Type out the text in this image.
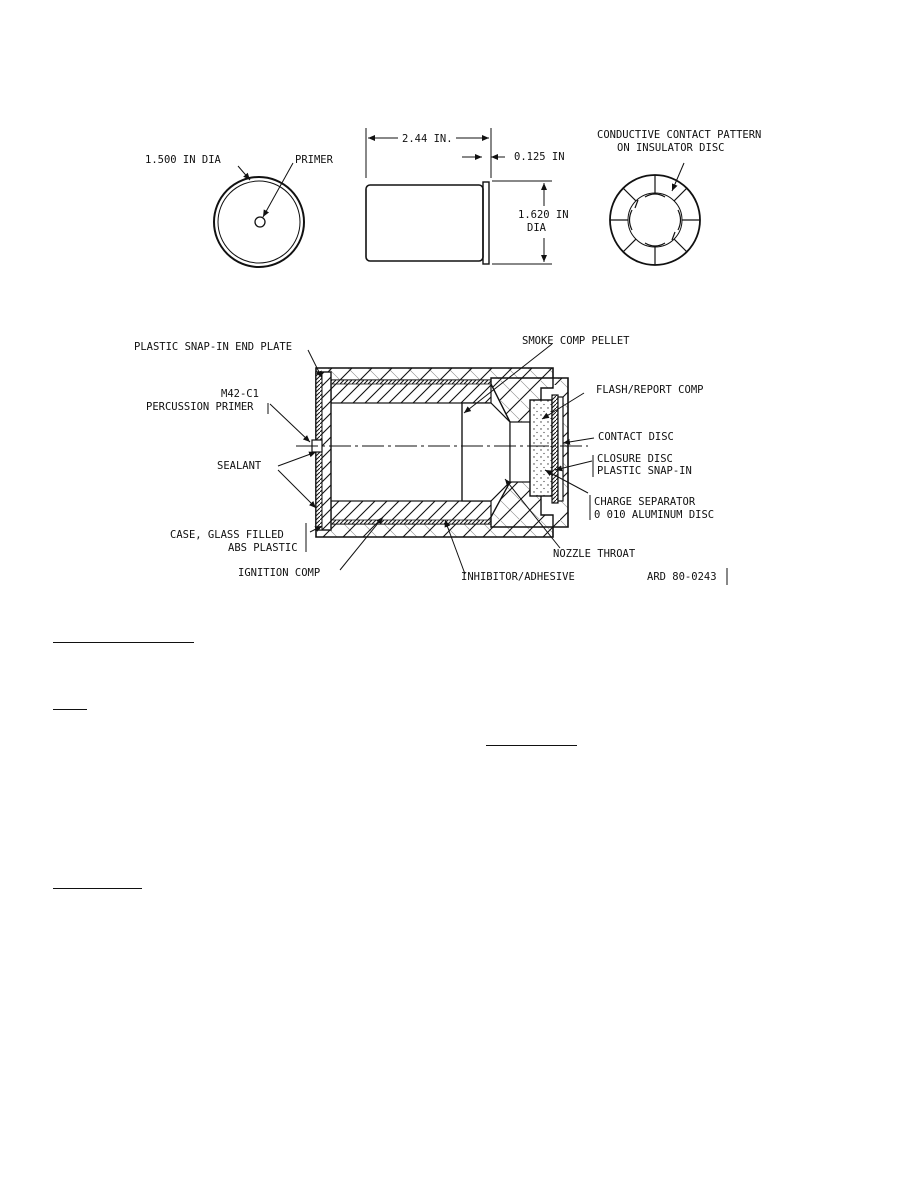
1.500 IN DIA	PRIMER
2.44 IN.
0.125 IN
1.620 IN
DIA
CONDUCTIVE CONTACT PATTERN
ON INSULATOR DISC
PLASTIC SNAP-IN END PLATE
M42-C1
PERCUSSION PRIMER
SEALANT
CASE, GLASS FILLED
ABS PLASTIC
IGNITION COMP	INHIBITOR/ADHESIVE
SMOKE COMP PELLET
FLASH/REPORT COMP
CONTACT DISC
CLOSURE DISC
PLASTIC SNAP-IN
CHARGE SEPARATOR
0 010 ALUMINUM DISC
NOZZLE THROAT
ARD 80-0243
